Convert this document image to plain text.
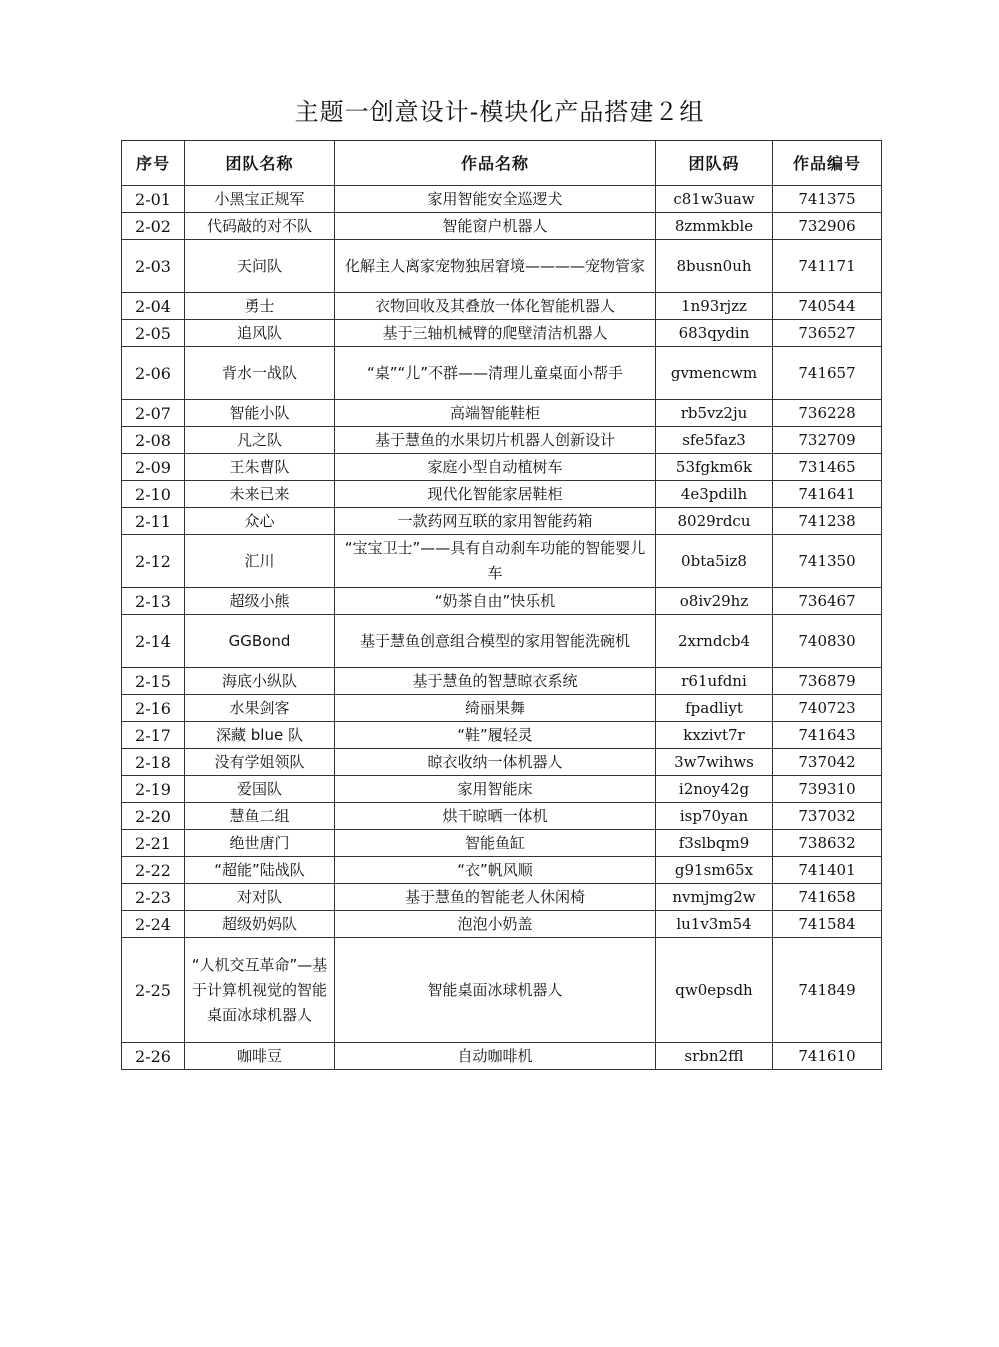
主题一创意设计-模块化产品搭建２组
序号	团队名称	作品名称	团队码	作品编号
2-01	小黑宝正规军	家用智能安全巡逻犬	c81w3uaw	741375
2-02	代码敲的对不队	智能窗户机器人	8zmmkble	732906
2-03	天问队	化解主人离家宠物独居窘境————宠物管家	8busn0uh	741171
2-04	勇士	衣物回收及其叠放一体化智能机器人	1n93rjzz	740544
2-05	追风队	基于三轴机械臂的爬壁清洁机器人	683qydin	736527
2-06	背水一战队	“桌”“儿”不群——清理儿童桌面小帮手	gvmencwm	741657
2-07	智能小队	高端智能鞋柜	rb5vz2ju	736228
2-08	凡之队	基于慧鱼的水果切片机器人创新设计	sfe5faz3	732709
2-09	王朱曹队	家庭小型自动植树车	53fgkm6k	731465
2-10	未来已来	现代化智能家居鞋柜	4e3pdilh	741641
2-11	众心	一款药网互联的家用智能药箱	8029rdcu	741238
2-12	汇川	“宝宝卫士”——具有自动刹车功能的智能婴儿车	0bta5iz8	741350
2-13	超级小熊	“奶茶自由”快乐机	o8iv29hz	736467
2-14	GGBond	基于慧鱼创意组合模型的家用智能洗碗机	2xrndcb4	740830
2-15	海底小纵队	基于慧鱼的智慧晾衣系统	r61ufdni	736879
2-16	水果剑客	绮丽果舞	fpadliyt	740723
2-17	深藏 blue 队	“鞋”履轻灵	kxzivt7r	741643
2-18	没有学姐领队	晾衣收纳一体机器人	3w7wihws	737042
2-19	爱国队	家用智能床	i2noy42g	739310
2-20	慧鱼二组	烘干晾晒一体机	isp70yan	737032
2-21	绝世唐门	智能鱼缸	f3slbqm9	738632
2-22	“超能”陆战队	“衣”帆风顺	g91sm65x	741401
2-23	对对队	基于慧鱼的智能老人休闲椅	nvmjmg2w	741658
2-24	超级奶妈队	泡泡小奶盖	lu1v3m54	741584
2-25	“人机交互革命”—基于计算机视觉的智能桌面冰球机器人	智能桌面冰球机器人	qw0epsdh	741849
2-26	咖啡豆	自动咖啡机	srbn2ffl	741610
